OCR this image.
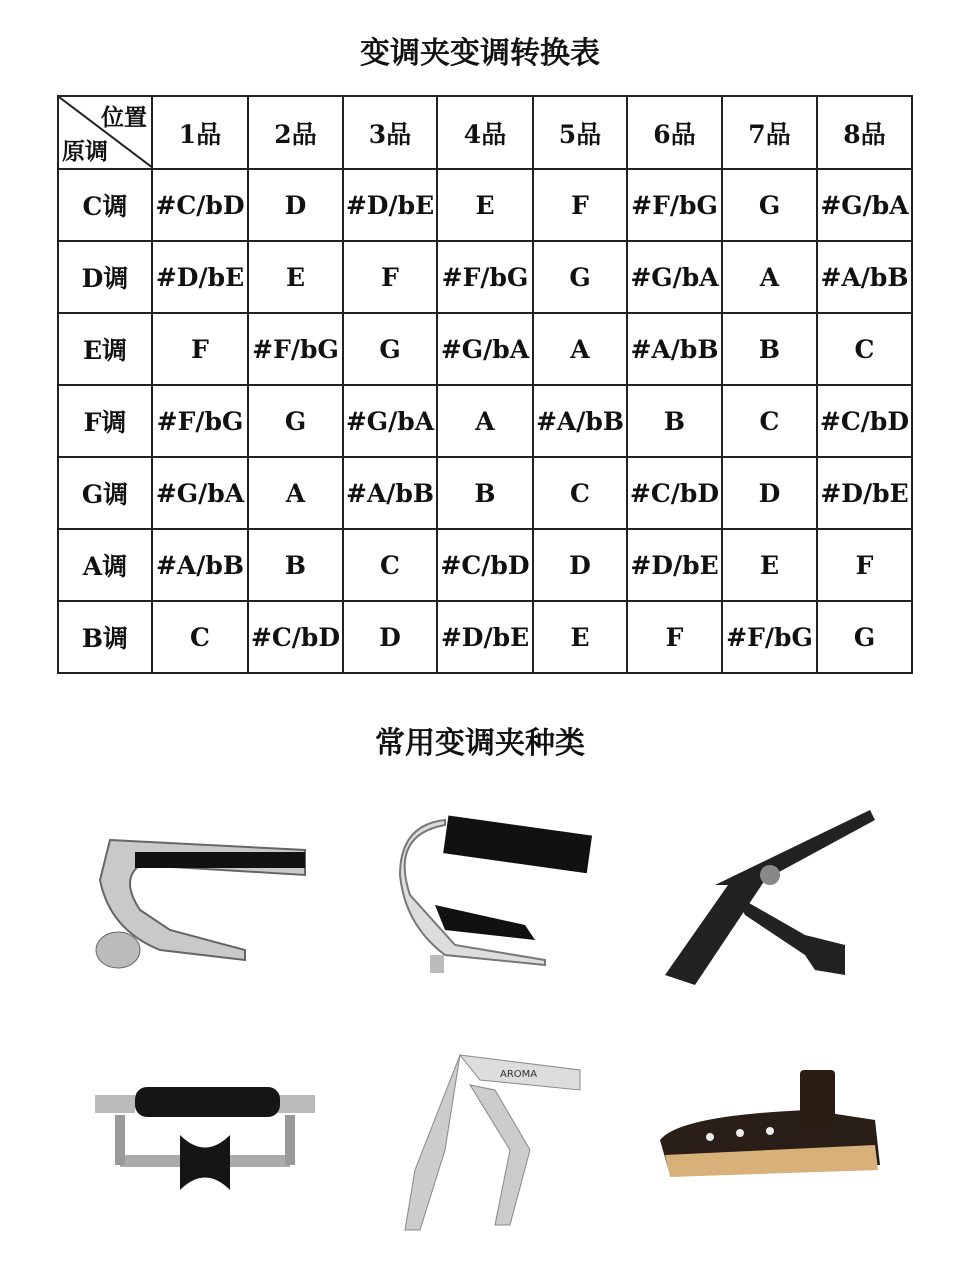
变调夹变调转换表
位置
原调	1品	2品	3品	4品	5品	6品	7品	8品
C调	#C/bD	D	#D/bE	E	F	#F/bG	G	#G/bA
D调	#D/bE	E	F	#F/bG	G	#G/bA	A	#A/bB
E调	F	#F/bG	G	#G/bA	A	#A/bB	B	C
F调	#F/bG	G	#G/bA	A	#A/bB	B	C	#C/bD
G调	#G/bA	A	#A/bB	B	C	#C/bD	D	#D/bE
A调	#A/bB	B	C	#C/bD	D	#D/bE	E	F
B调	C	#C/bD	D	#D/bE	E	F	#F/bG	G
常用变调夹种类
AROMA
